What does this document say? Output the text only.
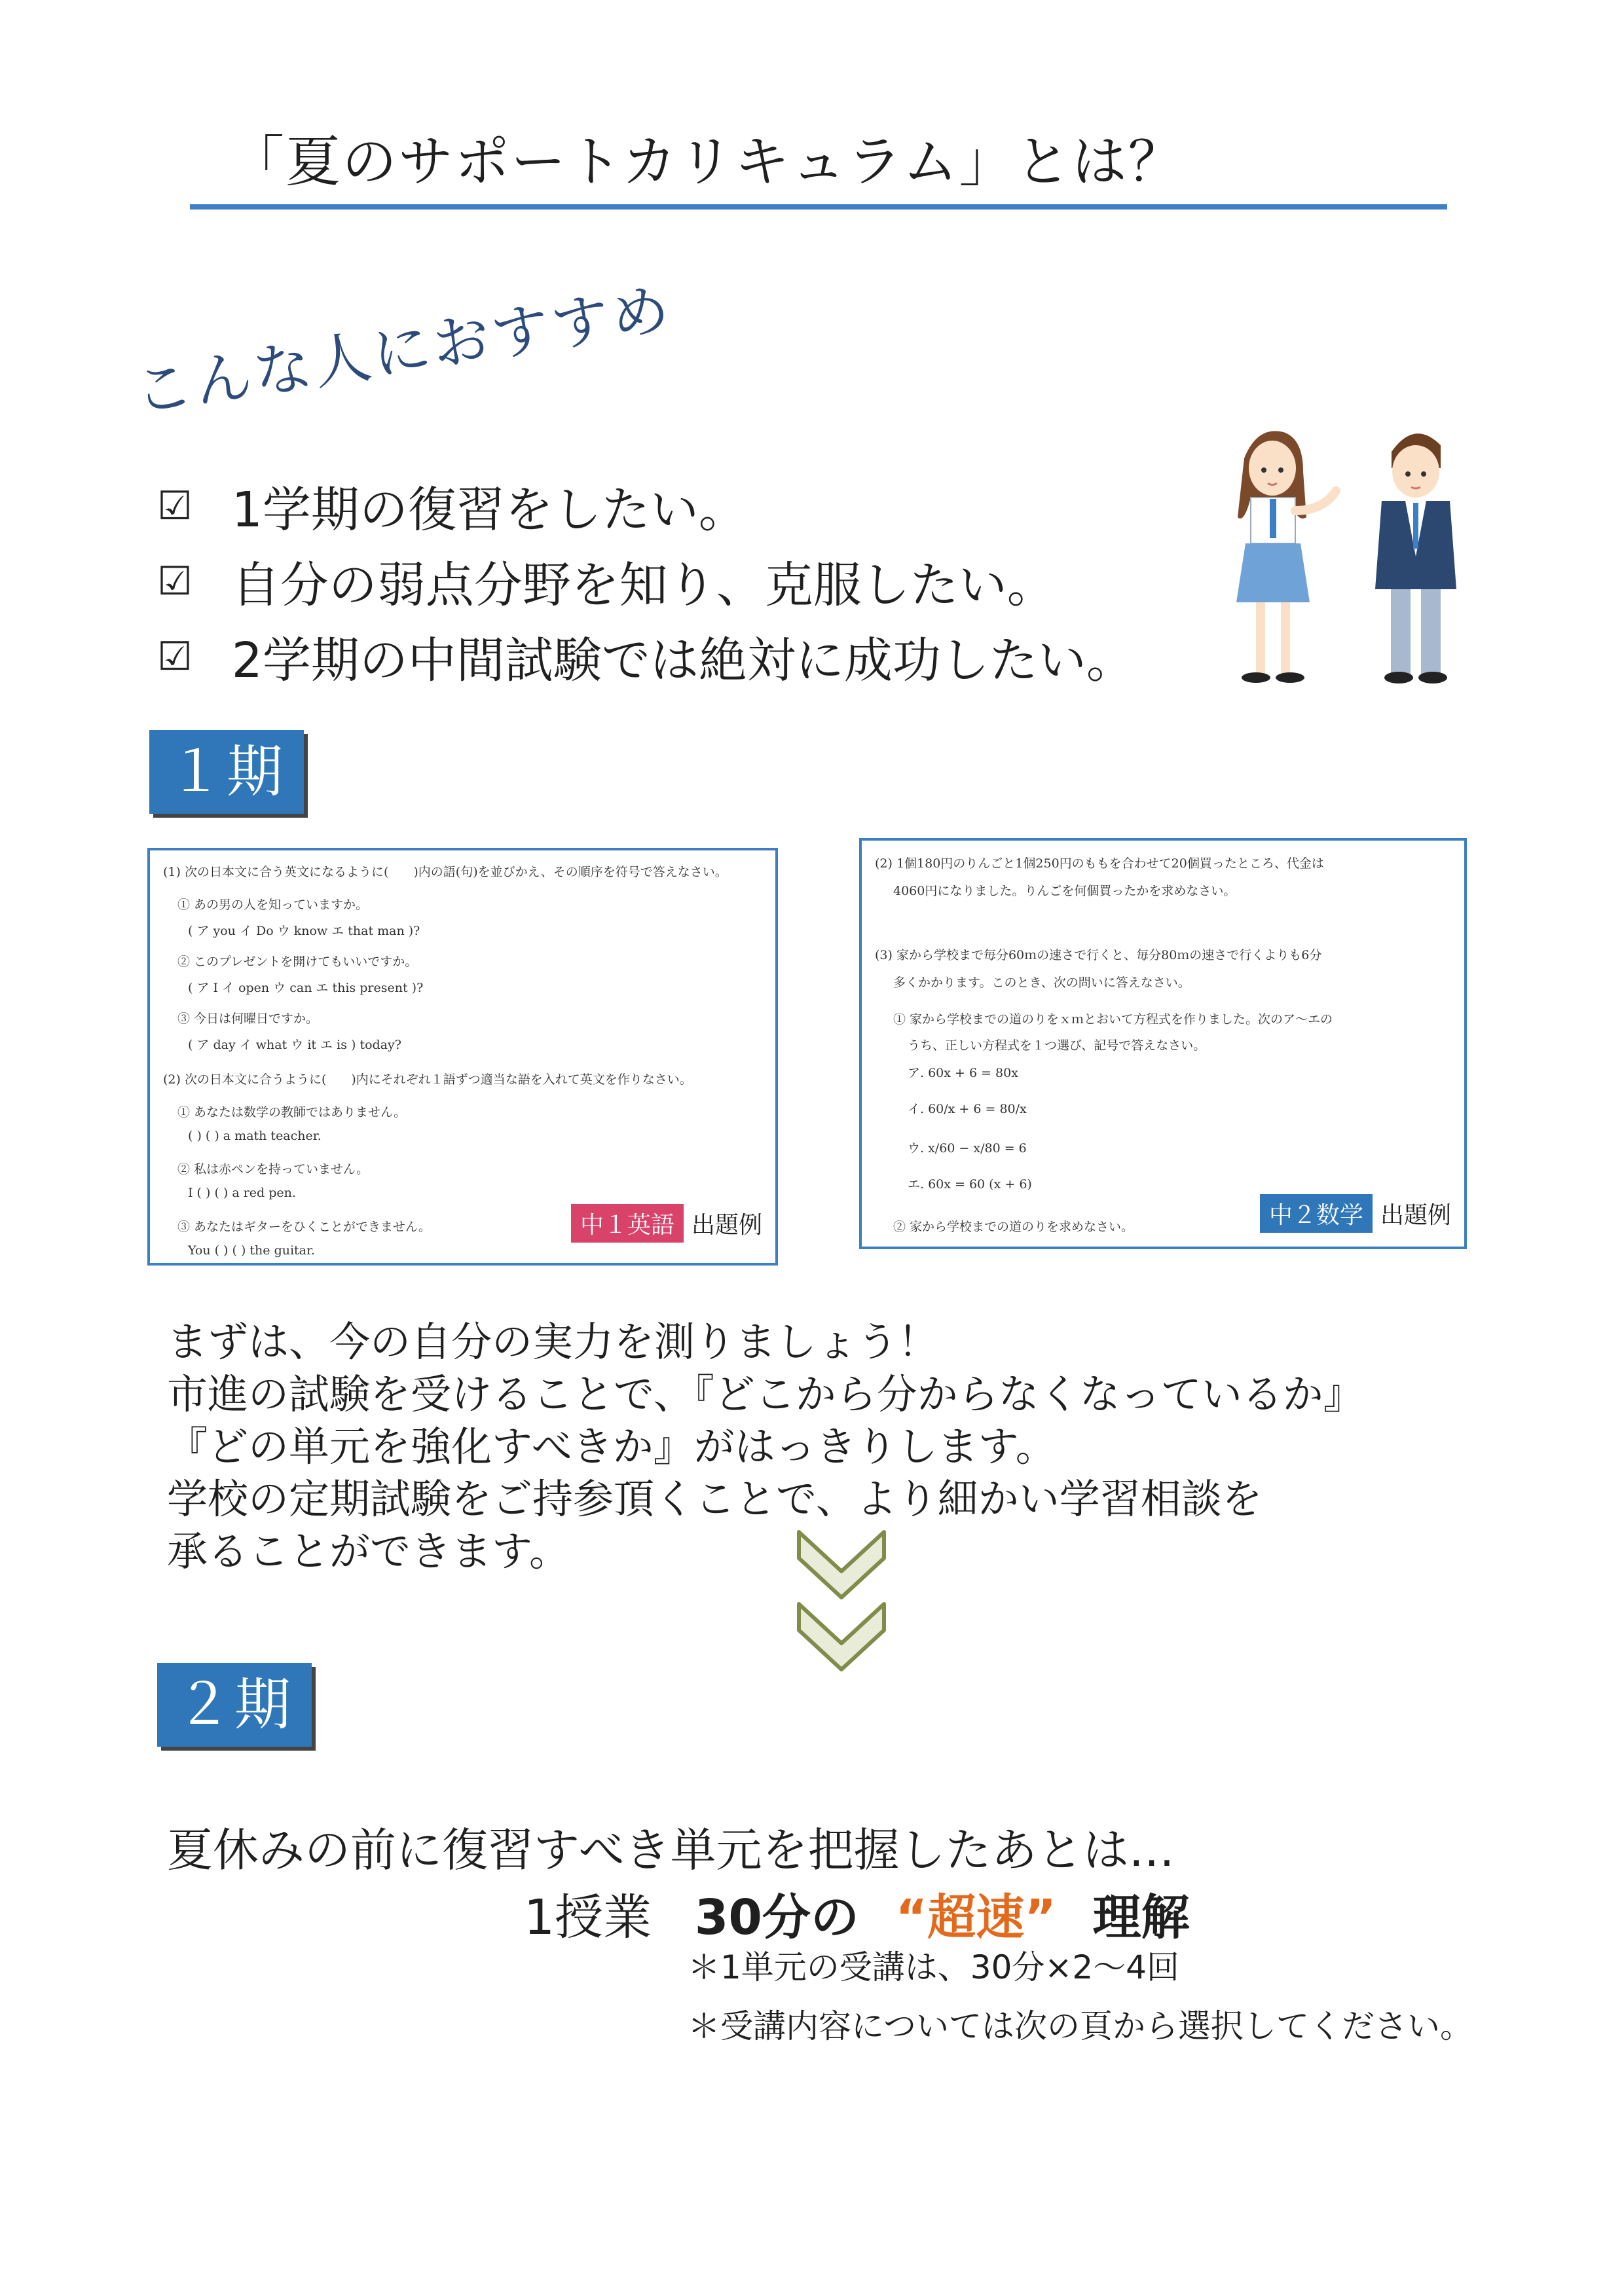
「夏のサポートカリキュラム」とは？
こんな人におすすめ
☑ 1学期の復習をしたい。
☑ 自分の弱点分野を知り、克服したい。
☑ 2学期の中間試験では絶対に成功したい。
１期
(1) 次の日本文に合う英文になるように(　　)内の語(句)を並びかえ、その順序を符号で答えなさい。
① あの男の人を知っていますか。
( ア you イ Do ウ know エ that man )?
② このプレゼントを開けてもいいですか。
( ア I イ open ウ can エ this present )?
③ 今日は何曜日ですか。
( ア day イ what ウ it エ is ) today?
(2) 次の日本文に合うように(　　)内にそれぞれ１語ずつ適当な語を入れて英文を作りなさい。
① あなたは数学の教師ではありません。
( ) ( ) a math teacher.
② 私は赤ペンを持っていません。
I ( ) ( ) a red pen.
③ あなたはギターをひくことができません。
You ( ) ( ) the guitar.
中１英語 出題例
(2) 1個180円のりんごと1個250円のももを合わせて20個買ったところ、代金は
4060円になりました。りんごを何個買ったかを求めなさい。
(3) 家から学校まで毎分60ｍの速さで行くと、毎分80ｍの速さで行くよりも6分
多くかかります。このとき、次の問いに答えなさい。
① 家から学校までの道のりをｘｍとおいて方程式を作りました。次のア～エの
うち、正しい方程式を１つ選び、記号で答えなさい。
ア. 60x + 6 = 80x
イ. 60/x + 6 = 80/x
ウ. x/60 − x/80 = 6
エ. 60x = 60 (x + 6)
② 家から学校までの道のりを求めなさい。	中２数学 出題例
まずは、今の自分の実力を測りましょう！
市進の試験を受けることで、『どこから分からなくなっているか』
『どの単元を強化すべきか』がはっきりします。
学校の定期試験をご持参頂くことで、より細かい学習相談を
承ることができます。
２期
夏休みの前に復習すべき単元を把握したあとは…
1授業 30分の “超速” 理解
＊1単元の受講は、30分×2～4回
＊受講内容については次の頁から選択してください。
